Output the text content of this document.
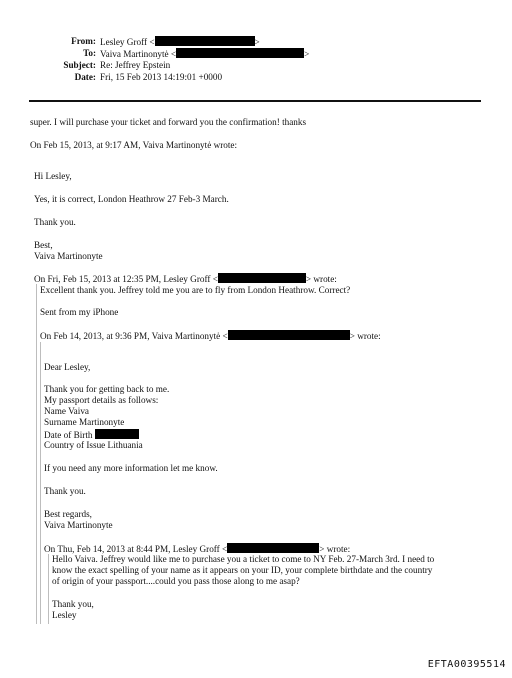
From: Lesley Groff <	>
To: Vaiva Martinonytė <	>
Subject: Re: Jeffrey Epstein
Date: Fri, 15 Feb 2013 14:19:01 +0000
super. I will purchase your ticket and forward you the confirmation! thanks
On Feb 15, 2013, at 9:17 AM, Vaiva Martinonytė wrote:
Hi Lesley,
Yes, it is correct, London Heathrow 27 Feb-3 March.
Thank you.
Best,
Vaiva Martinonyte
On Fri, Feb 15, 2013 at 12:35 PM, Lesley Groff <	> wrote:
Excellent thank you. Jeffrey told me you are to fly from London Heathrow. Correct?
Sent from my iPhone
On Feb 14, 2013, at 9:36 PM, Vaiva Martinonytė <	> wrote:
Dear Lesley,
Thank you for getting back to me.
My passport details as follows:
Name Vaiva
Surname Martinonyte
Date of Birth
Country of Issue Lithuania
If you need any more information let me know.
Thank you.
Best regards,
Vaiva Martinonyte
On Thu, Feb 14, 2013 at 8:44 PM, Lesley Groff <	> wrote:
Hello Vaiva. Jeffrey would like me to purchase you a ticket to come to NY Feb. 27-March 3rd. I need to
know the exact spelling of your name as it appears on your ID, your complete birthdate and the country
of origin of your passport....could you pass those along to me asap?
Thank you,
Lesley
EFTA00395514
